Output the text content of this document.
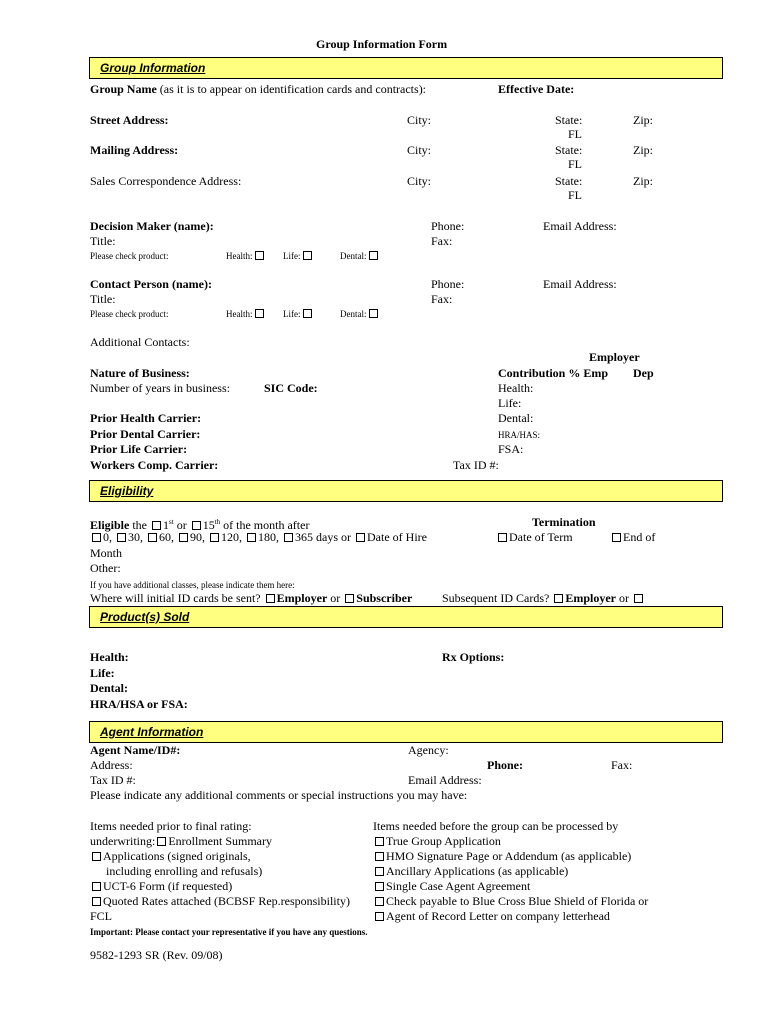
Group Information Form
Group Information
Group Name (as it is to appear on identification cards and contracts):	Effective Date:
Street Address:	City:	State:	Zip:
FL
Mailing Address:	City:	State:	Zip:
FL
Sales Correspondence Address:	City:	State:	Zip:
FL
Decision Maker (name):	Phone:	Email Address:
Title:	Fax:
Please check product:	Health:	Life:	Dental:
Contact Person (name):	Phone:	Email Address:
Title:	Fax:
Please check product:	Health:	Life:	Dental:
Additional Contacts:
Employer
Nature of Business:	Contribution % Emp Dep
Number of years in business:	SIC Code:	Health:
Life:
Prior Health Carrier:	Dental:
Prior Dental Carrier:	HRA/HAS:
Prior Life Carrier:	FSA:
Workers Comp. Carrier:	Tax ID #:
Eligibility
Eligible the 1st or 15th of the month after	Termination
0, 30, 60, 90, 120, 180, 365 days or Date of Hire	Date of Term	End of
Month
Other:
If you have additional classes, please indicate them here:
Where will initial ID cards be sent? Employer or Subscriber Subsequent ID Cards? Employer or
Product(s) Sold
Health:	Rx Options:
Life:
Dental:
HRA/HSA or FSA:
Agent Information
Agent Name/ID#:	Agency:
Address:	Phone:	Fax:
Tax ID #:	Email Address:
Please indicate any additional comments or special instructions you may have:
Items needed prior to final rating:
underwriting: Enrollment Summary
Applications (signed originals,
including enrolling and refusals)
UCT-6 Form (if requested)
Quoted Rates attached (BCBSF Rep.responsibility)
FCL
Items needed before the group can be processed by
True Group Application
HMO Signature Page or Addendum (as applicable)
Ancillary Applications (as applicable)
Single Case Agent Agreement
Check payable to Blue Cross Blue Shield of Florida or
Agent of Record Letter on company letterhead
Important: Please contact your representative if you have any questions.
9582-1293 SR (Rev. 09/08)
